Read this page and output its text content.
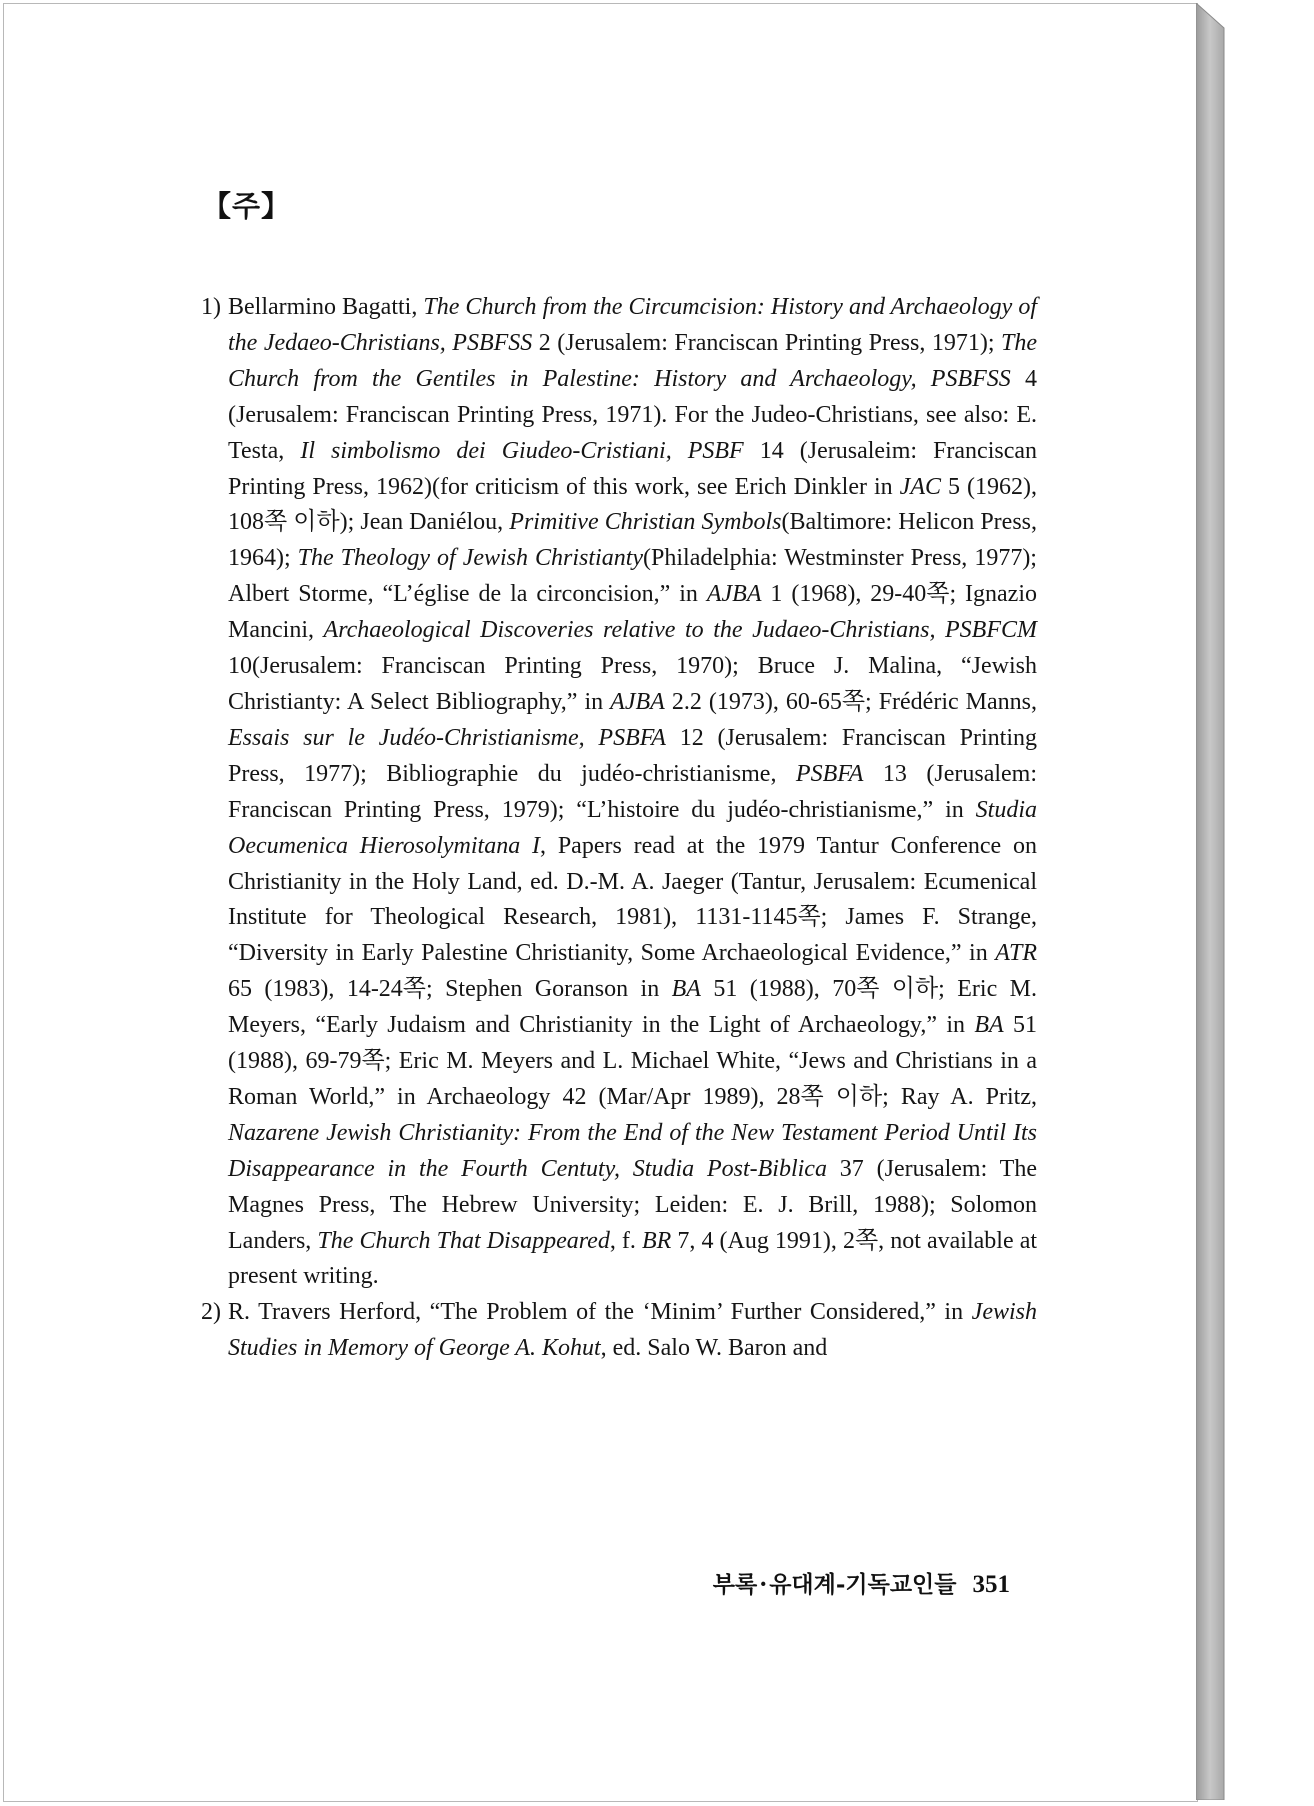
【주】
1) Bellarmino Bagatti, The Church from the Circumcision: History and Archaeology of the Jedaeo-Christians, PSBFSS 2 (Jerusalem: Franciscan Printing Press, 1971); The Church from the Gentiles in Palestine: History and Archaeology, PSBFSS 4 (Jerusalem: Franciscan Printing Press, 1971). For the Judeo-Christians, see also: E. Testa, Il simbolismo dei Giudeo-Cristiani, PSBF 14 (Jerusaleim: Franciscan Printing Press, 1962)(for criticism of this work, see Erich Dinkler in JAC 5 (1962), 108쪽 이하); Jean Daniélou, Primitive Christian Symbols(Baltimore: Helicon Press, 1964); The Theology of Jewish Christianty(Philadelphia: Westminster Press, 1977); Albert Storme, “L’église de la circoncision,” in AJBA 1 (1968), 29-40쪽; Ignazio Mancini, Archaeological Discoveries relative to the Judaeo-Christians, PSBFCM 10(Jerusalem: Franciscan Printing Press, 1970); Bruce J. Malina, “Jewish Christianty: A Select Bibliography,” in AJBA 2.2 (1973), 60-65쪽; Frédéric Manns, Essais sur le Judéo-Christianisme, PSBFA 12 (Jerusalem: Franciscan Printing Press, 1977); Bibliographie du judéo-christianisme, PSBFA 13 (Jerusalem: Franciscan Printing Press, 1979); “L’histoire du judéo-christianisme,” in Studia Oecumenica Hierosolymitana I, Papers read at the 1979 Tantur Conference on Christianity in the Holy Land, ed. D.-M. A. Jaeger (Tantur, Jerusalem: Ecumenical Institute for Theological Research, 1981), 1131-1145쪽; James F. Strange, “Diversity in Early Palestine Christianity, Some Archaeological Evidence,” in ATR 65 (1983), 14-24쪽; Stephen Goranson in BA 51 (1988), 70쪽 이하; Eric M. Meyers, “Early Judaism and Christianity in the Light of Archaeology,” in BA 51 (1988), 69-79쪽; Eric M. Meyers and L. Michael White, “Jews and Christians in a Roman World,” in Archaeology 42 (Mar/Apr 1989), 28쪽 이하; Ray A. Pritz, Nazarene Jewish Christianity: From the End of the New Testament Period Until Its Disappearance in the Fourth Centuty, Studia Post-Biblica 37 (Jerusalem: The Magnes Press, The Hebrew University; Leiden: E. J. Brill, 1988); Solomon Landers, The Church That Disappeared, f. BR 7, 4 (Aug 1991), 2쪽, not available at present writing.
2) R. Travers Herford, “The Problem of the ‘Minim’ Further Considered,” in Jewish Studies in Memory of George A. Kohut, ed. Salo W. Baron and
부록·유대계-기독교인들 351
